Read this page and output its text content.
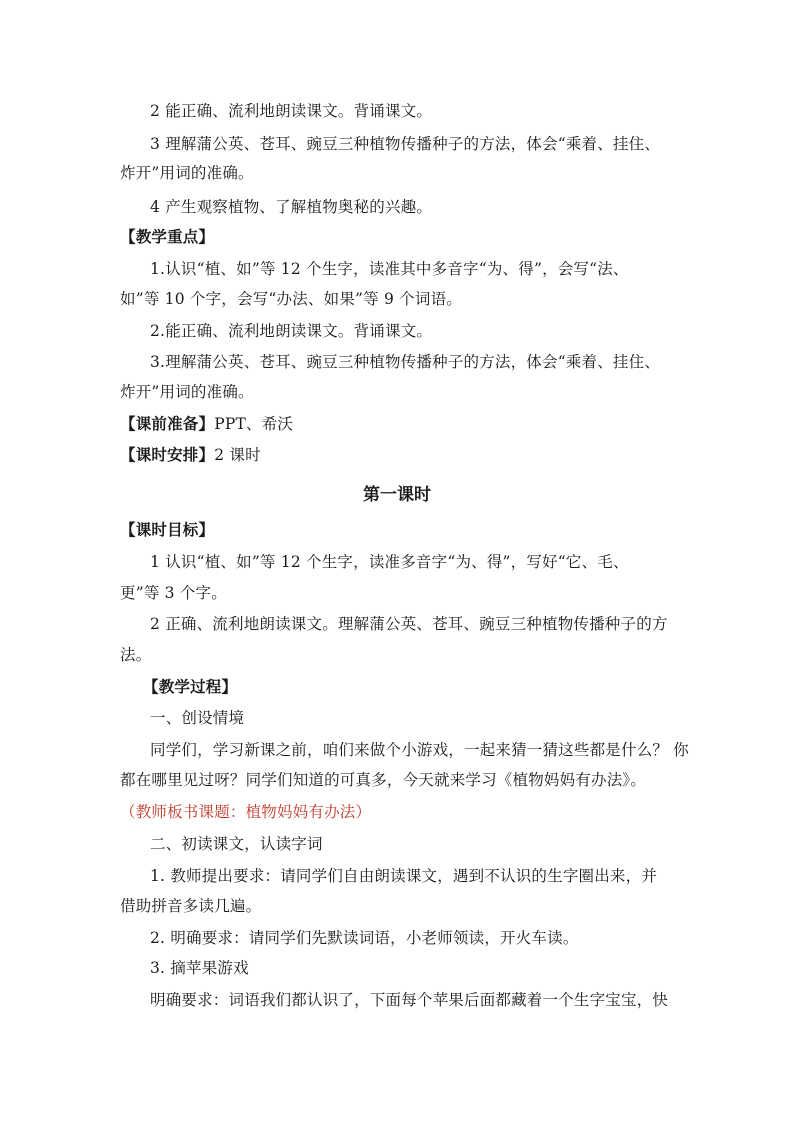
2 能正确、流利地朗读课文。背诵课文。
3 理解蒲公英、苍耳、豌豆三种植物传播种子的方法，体会“乘着、挂住、
炸开”用词的准确。
4 产生观察植物、了解植物奥秘的兴趣。
【教学重点】
1.认识“植、如”等 12 个生字，读准其中多音字“为、得”，会写“法、
如”等 10 个字，会写“办法、如果”等 9 个词语。
2.能正确、流利地朗读课文。背诵课文。
3.理解蒲公英、苍耳、豌豆三种植物传播种子的方法，体会“乘着、挂住、
炸开”用词的准确。
【课前准备】PPT、希沃
【课时安排】2 课时
第一课时
【课时目标】
1 认识“植、如”等 12 个生字，读准多音字“为、得”，写好“它、毛、
更”等 3 个字。
2 正确、流利地朗读课文。理解蒲公英、苍耳、豌豆三种植物传播种子的方
法。
【教学过程】
一、创设情境
同学们，学习新课之前，咱们来做个小游戏，一起来猜一猜这些都是什么？ 你
都在哪里见过呀？同学们知道的可真多，今天就来学习《植物妈妈有办法》。
（教师板书课题：植物妈妈有办法）
二、初读课文，认读字词
1. 教师提出要求：请同学们自由朗读课文，遇到不认识的生字圈出来，并
借助拼音多读几遍。
2. 明确要求：请同学们先默读词语，小老师领读，开火车读。
3. 摘苹果游戏
明确要求：词语我们都认识了，下面每个苹果后面都藏着一个生字宝宝，快
